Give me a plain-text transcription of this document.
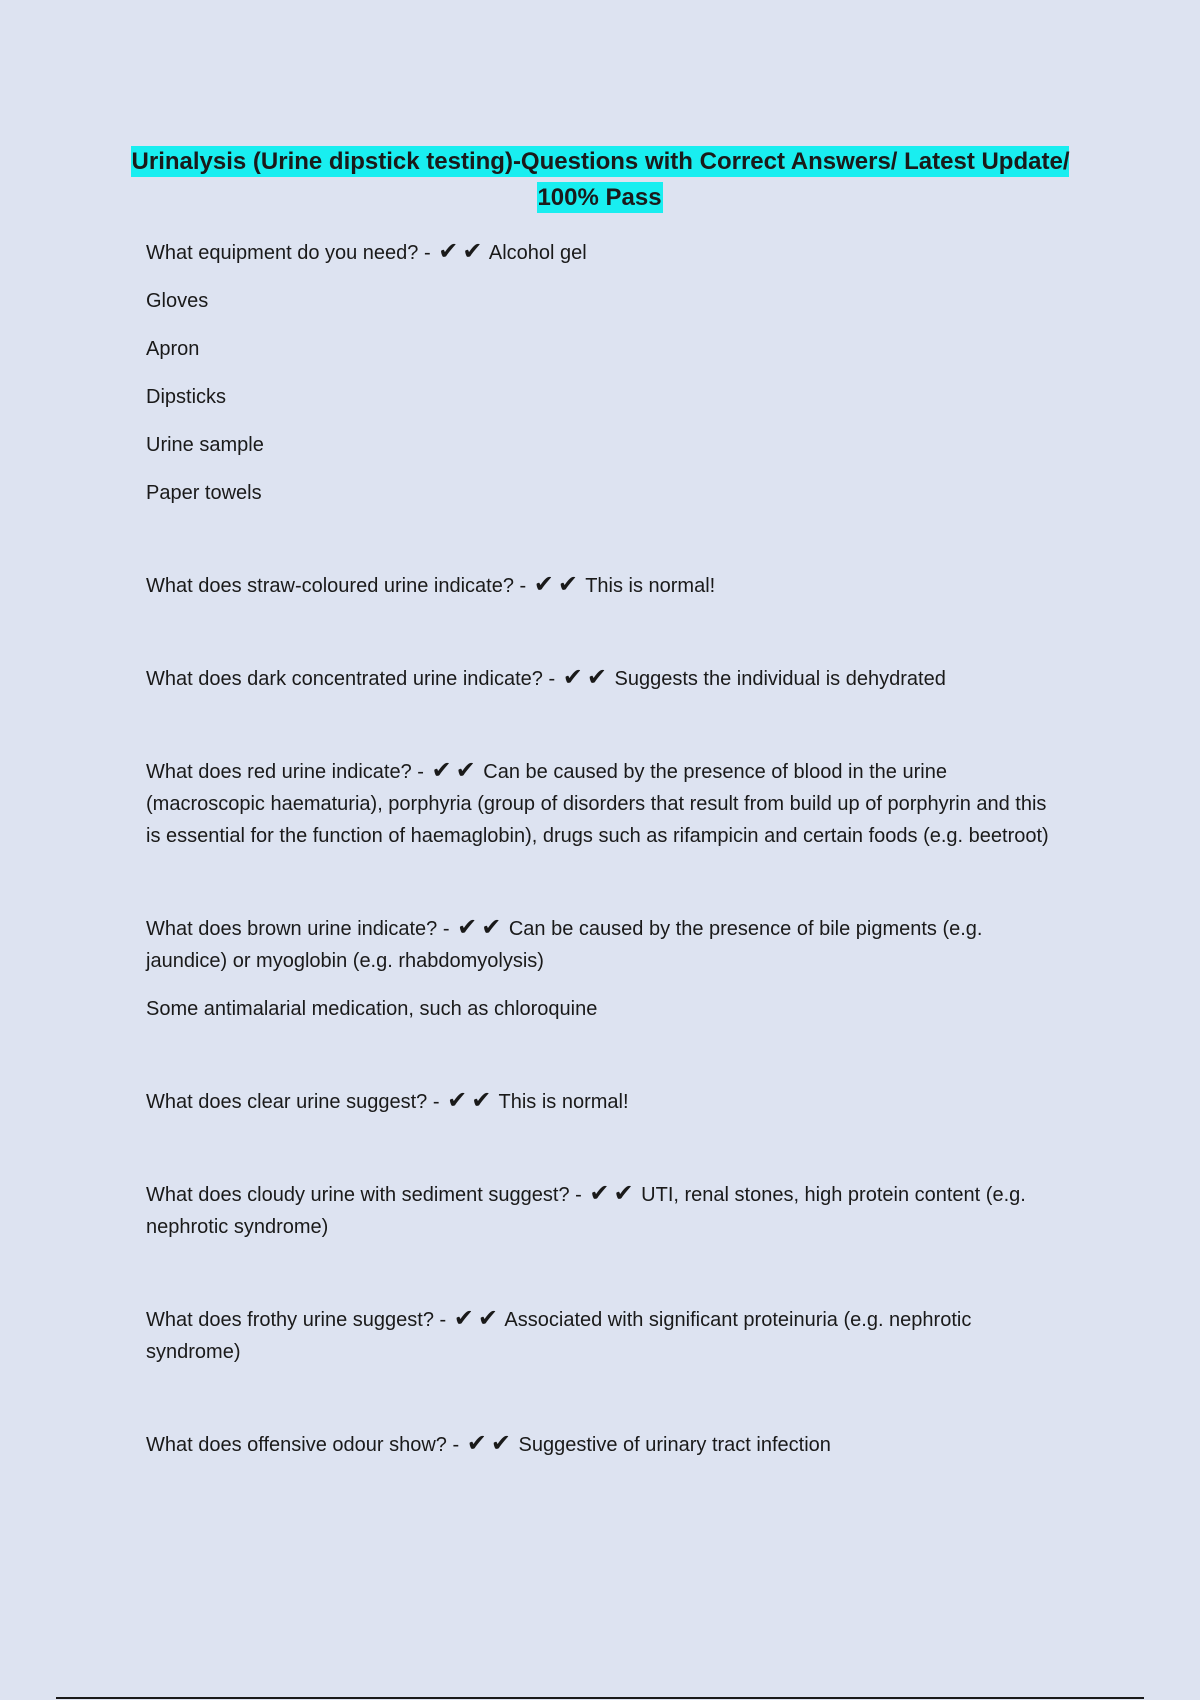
Urinalysis (Urine dipstick testing)-Questions with Correct Answers/ Latest Update/ 100% Pass

What equipment do you need? - ✔ ✔ Alcohol gel

Gloves

Apron

Dipsticks

Urine sample

Paper towels

What does straw-coloured urine indicate? - ✔ ✔ This is normal!

What does dark concentrated urine indicate? - ✔ ✔ Suggests the individual is dehydrated

What does red urine indicate? - ✔ ✔ Can be caused by the presence of blood in the urine (macroscopic haematuria), porphyria (group of disorders that result from build up of porphyrin and this is essential for the function of haemaglobin), drugs such as rifampicin and certain foods (e.g. beetroot)

What does brown urine indicate? - ✔ ✔ Can be caused by the presence of bile pigments (e.g. jaundice) or myoglobin (e.g. rhabdomyolysis)

Some antimalarial medication, such as chloroquine

What does clear urine suggest? - ✔ ✔ This is normal!

What does cloudy urine with sediment suggest? - ✔ ✔ UTI, renal stones, high protein content (e.g. nephrotic syndrome)

What does frothy urine suggest? - ✔ ✔ Associated with significant proteinuria (e.g. nephrotic syndrome)

What does offensive odour show? - ✔ ✔ Suggestive of urinary tract infection
